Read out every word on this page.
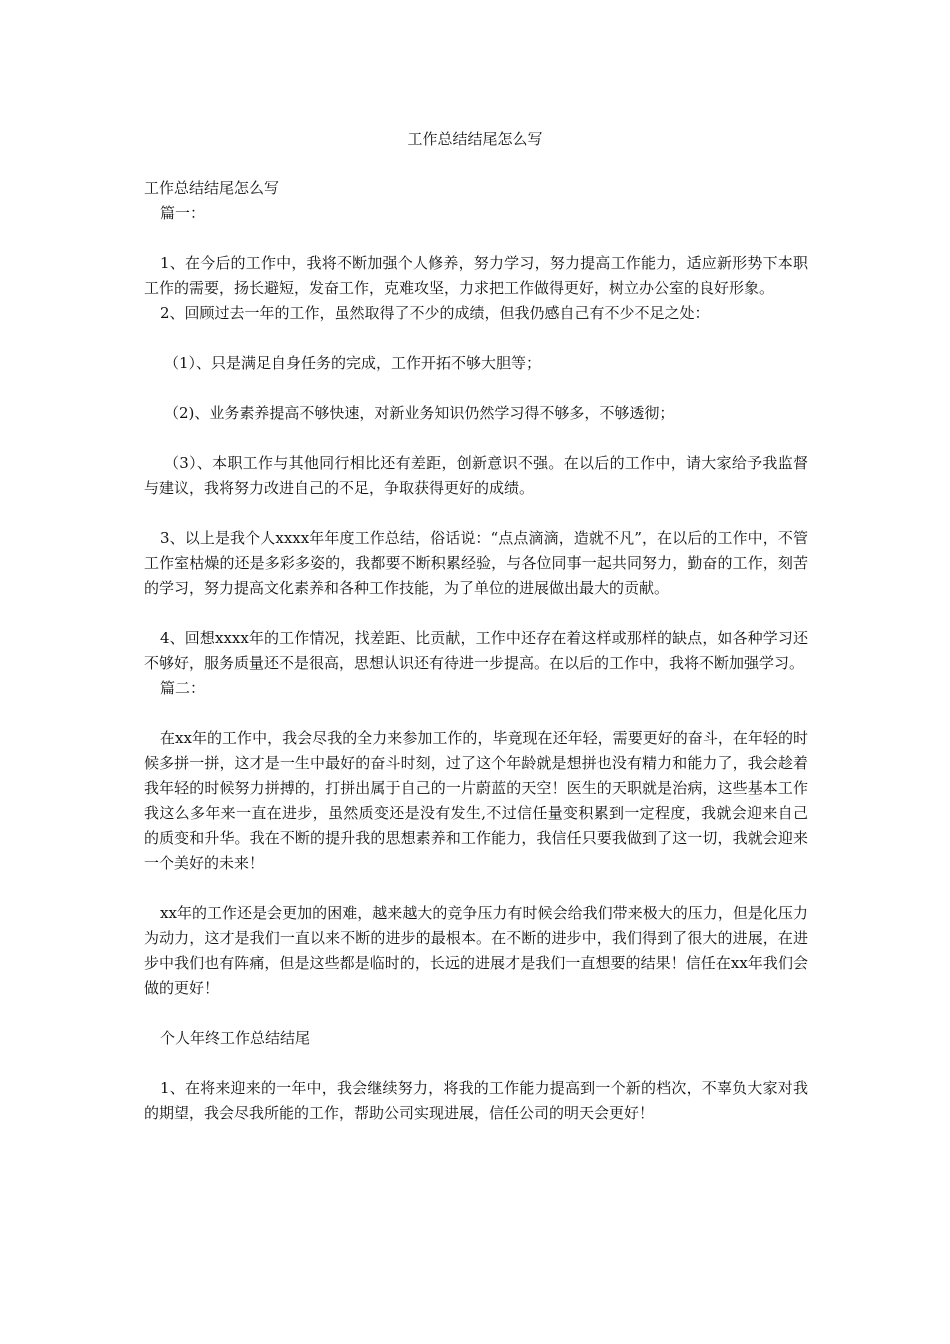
工作总结结尾怎么写

工作总结结尾怎么写

篇一：

1、在今后的工作中，我将不断加强个人修养，努力学习，努力提高工作能力，适应新形势下本职工作的需要，扬长避短，发奋工作，克难攻坚，力求把工作做得更好，树立办公室的良好形象。

2、回顾过去一年的工作，虽然取得了不少的成绩，但我仍感自己有不少不足之处：

（1）、只是满足自身任务的完成，工作开拓不够大胆等；

（2)、业务素养提高不够快速，对新业务知识仍然学习得不够多，不够透彻；

（3）、本职工作与其他同行相比还有差距，创新意识不强。在以后的工作中，请大家给予我监督与建议，我将努力改进自己的不足，争取获得更好的成绩。

3、以上是我个人xxxx年年度工作总结，俗话说：“点点滴滴，造就不凡”，在以后的工作中，不管工作室枯燥的还是多彩多姿的，我都要不断积累经验，与各位同事一起共同努力，勤奋的工作，刻苦的学习，努力提高文化素养和各种工作技能，为了单位的进展做出最大的贡献。

4、回想xxxx年的工作情况，找差距、比贡献，工作中还存在着这样或那样的缺点，如各种学习还不够好，服务质量还不是很高，思想认识还有待进一步提高。在以后的工作中，我将不断加强学习。

篇二：

在xx年的工作中，我会尽我的全力来参加工作的，毕竟现在还年轻，需要更好的奋斗，在年轻的时候多拼一拼，这才是一生中最好的奋斗时刻，过了这个年龄就是想拼也没有精力和能力了，我会趁着我年轻的时候努力拼搏的，打拼出属于自己的一片蔚蓝的天空！医生的天职就是治病，这些基本工作我这么多年来一直在进步，虽然质变还是没有发生,不过信任量变积累到一定程度，我就会迎来自己的质变和升华。我在不断的提升我的思想素养和工作能力，我信任只要我做到了这一切，我就会迎来一个美好的未来！

xx年的工作还是会更加的困难，越来越大的竞争压力有时候会给我们带来极大的压力，但是化压力为动力，这才是我们一直以来不断的进步的最根本。在不断的进步中，我们得到了很大的进展，在进步中我们也有阵痛，但是这些都是临时的，长远的进展才是我们一直想要的结果！信任在xx年我们会做的更好！

个人年终工作总结结尾

1、在将来迎来的一年中，我会继续努力，将我的工作能力提高到一个新的档次，不辜负大家对我的期望，我会尽我所能的工作，帮助公司实现进展，信任公司的明天会更好！
